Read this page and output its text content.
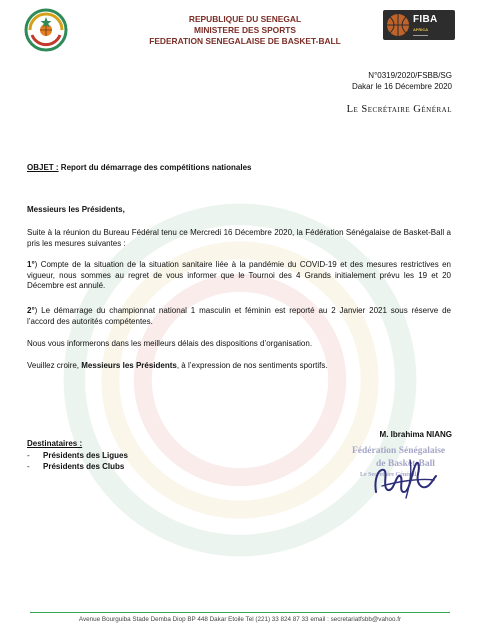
REPUBLIQUE DU SENEGAL
MINISTERE DES SPORTS
FEDERATION SENEGALAISE DE BASKET-BALL
FIBA
AFRICA
▬▬▬▬▬
N°0319/2020/FSBB/SG
Dakar le 16 Décembre 2020
Le Secrétaire Général
OBJET : Report du démarrage des compétitions nationales
Messieurs les Présidents,
Suite à la réunion du Bureau Fédéral tenu ce Mercredi 16 Décembre 2020, la Fédération Sénégalaise de Basket-Ball a pris les mesures suivantes :
1°) Compte de la situation de la situation sanitaire liée à la pandémie du COVID-19 et des mesures restrictives en vigueur, nous sommes au regret de vous informer que le Tournoi des 4 Grands initialement prévu les 19 et 20 Décembre est annulé.
2°) Le démarrage du championnat national 1 masculin et féminin est reporté au 2 Janvier 2021 sous réserve de l’accord des autorités compétentes.
Nous vous informerons dans les meilleurs délais des dispositions d’organisation.
Veuillez croire, Messieurs les Présidents, à l’expression de nos sentiments sportifs.
M. Ibrahima NIANG
Destinataires :
- Présidents des Ligues
- Présidents des Clubs
Fédération Sénégalaise
de Basket-Ball
Le Secrétaire Général
Avenue Bourguiba Stade Demba Diop BP 448 Dakar Etoile Tel (221) 33 824 87 33 email : secretariatfsbb@vahoo.fr
